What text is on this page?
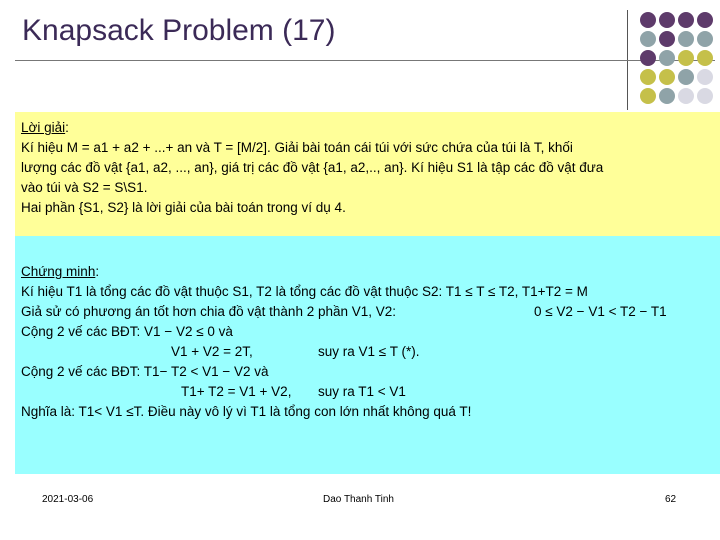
Knapsack Problem (17)
Lời giải:
Kí hiệu M = a1 + a2 + ...+ an và T = [M/2]. Giải bài toán cái túi với sức chứa của túi là T, khối
lượng các đồ vật {a1, a2, ..., an}, giá trị các đồ vật {a1, a2,.., an}. Kí hiệu S1 là tập các đồ vật đưa
vào túi và S2 = S\S1.
Hai phần {S1, S2} là lời giải của bài toán trong ví dụ 4.
Chứng minh:
Kí hiệu T1 là tổng các đồ vật thuộc S1, T2 là tổng các đồ vật thuộc S2: T1 ≤ T ≤ T2, T1+T2 = M
Giả sử có phương án tốt hơn chia đồ vật thành 2 phần V1, V2:	0 ≤ V2 − V1 < T2 − T1
Cộng 2 vế các BĐT: V1 − V2 ≤ 0 và
V1 + V2 = 2T,	suy ra V1 ≤ T (*).
Cộng 2 vế các BĐT: T1− T2 < V1 − V2 và
T1+ T2 = V1 + V2, suy ra T1 < V1
Nghĩa là: T1< V1 ≤T. Điều này vô lý vì T1 là tổng con lớn nhất không quá T!
2021-03-06	Dao Thanh Tinh	62
